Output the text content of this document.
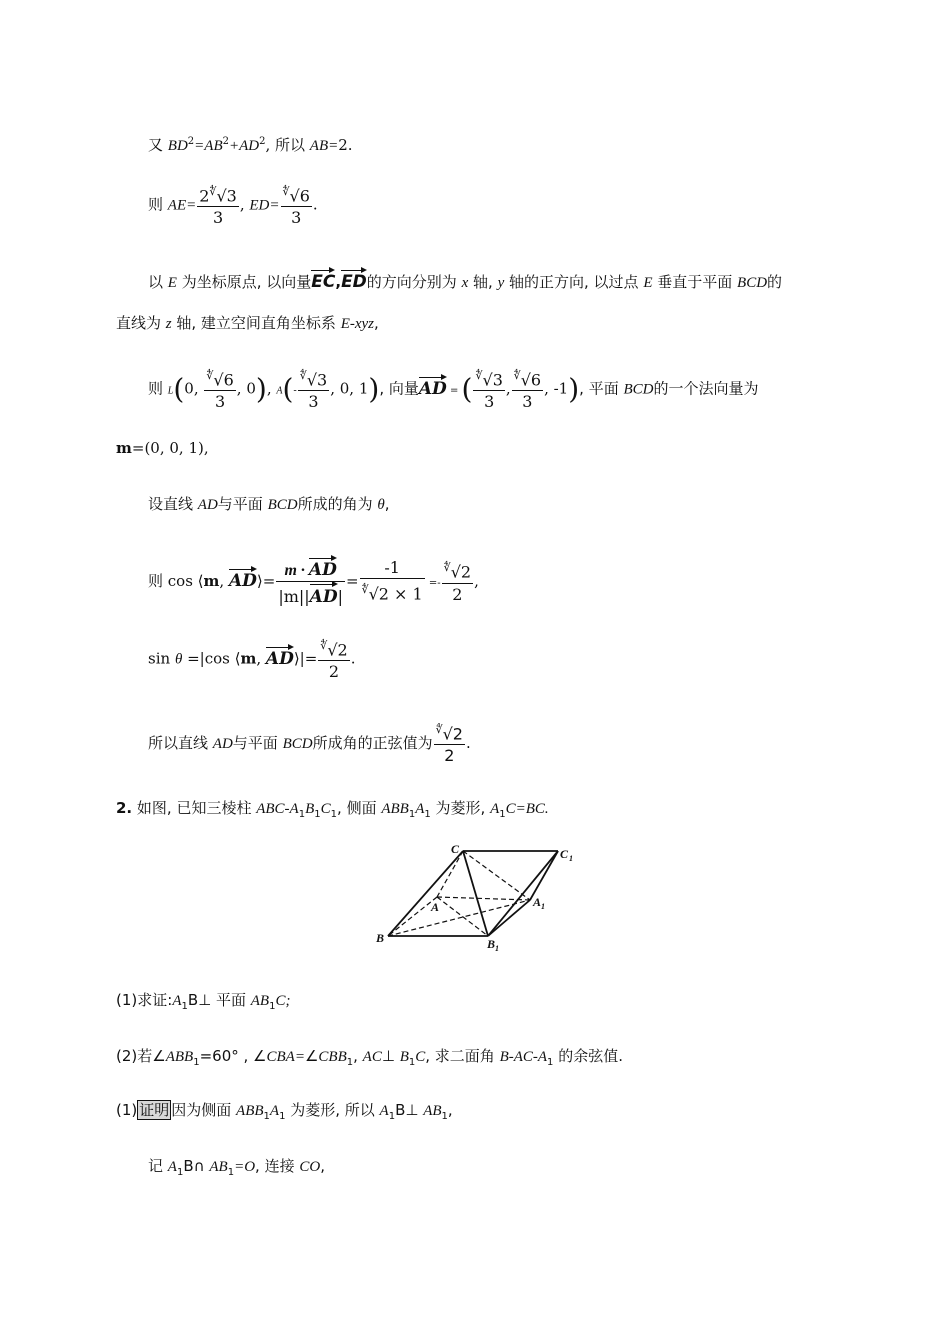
又 $BD^2=AB^2+AD^2$, 所以 AB=2.
则 $AE= \frac{2^∜√3}{3}$ , $ED= \frac{^∜√6}{3}$ .
以 E 为坐标原点, 以向量EC,ED的方向分别为 x 轴, y 轴的正方向, 以过点 E 垂直于平面 BCD的
直线为 z 轴, 建立空间直角坐标系 E-xyz,
则 L(0, $\frac{^∜√6}{3}$ , 0), $A(- \frac{^∜√3}{3}$ , 0, 1), 向量AD = ( $\frac{^∜√3}{3}$ , $\frac{^∜√6}{3}$ , -1), 平面 BCD的一个法向量为
m=(0, 0, 1),
设直线 AD与平面 BCD所成的角为 θ,
则 cos ⟨m, AD⟩= $\frac{m \cdot AD}{|m||AD|} = \frac{-1}{^∜√2 \times 1} =- \frac{^∜√2}{2}$ ,
sin θ =|cos ⟨m, AD⟩|= $\frac{^∜√2}{2}$ .
所以直线 AD与平面 BCD所成角的正弦值为 $\frac{^∜√2}{2}$ .
2. 如图, 已知三棱柱 ABC-$A_1B_1C_1$, 侧面 $ABB_1A_1$ 为菱形, $A_1C=BC$.
C	C 1
A	A 1
B	B 1
(1)求证$:A_1B\perp$ 平面 $AB_1C$;
(2)若$\angle ABB_1=60^\circ$ , $\angle CBA=\angle CBB_1$, AC⊥ $B_1C$, 求二面角 $B-AC-A_1$ 的余弦值.
(1) 证明 因为侧面 $ABB_1A_1$ 为菱形, 所以 $A_1B\perp$ $AB_1$,
记 $A_1B\cap$ $AB_1=O$, 连接 CO,
